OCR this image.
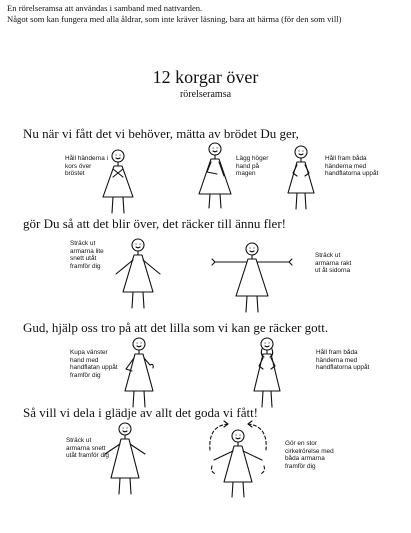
En rörelseramsa att användas i samband med nattvarden.
Något som kan fungera med alla åldrar, som inte kräver läsning, bara att härma (för den som vill)
12 korgar över
rörelseramsa
Nu när vi fått det vi behöver, mätta av brödet Du ger,
Håll händerna i kors över bröstet
Lägg höger hand på magen
Håll fram båda händerna med handflatorna uppåt
gör Du så att det blir över, det räcker till ännu fler!
Sträck ut armarna lite snett utåt framför dig
Sträck ut armarna rakt ut åt sidorna
Gud, hjälp oss tro på att det lilla som vi kan ge räcker gott.
Kupa vänster hand med handflatan uppåt framför dig
Håll fram båda händerna med handflatorna uppåt
Så vill vi dela i glädje av allt det goda vi fått!
Sträck ut armarna snett utåt framför dig
Gör en stor cirkelrörelse med båda armarna framför dig
